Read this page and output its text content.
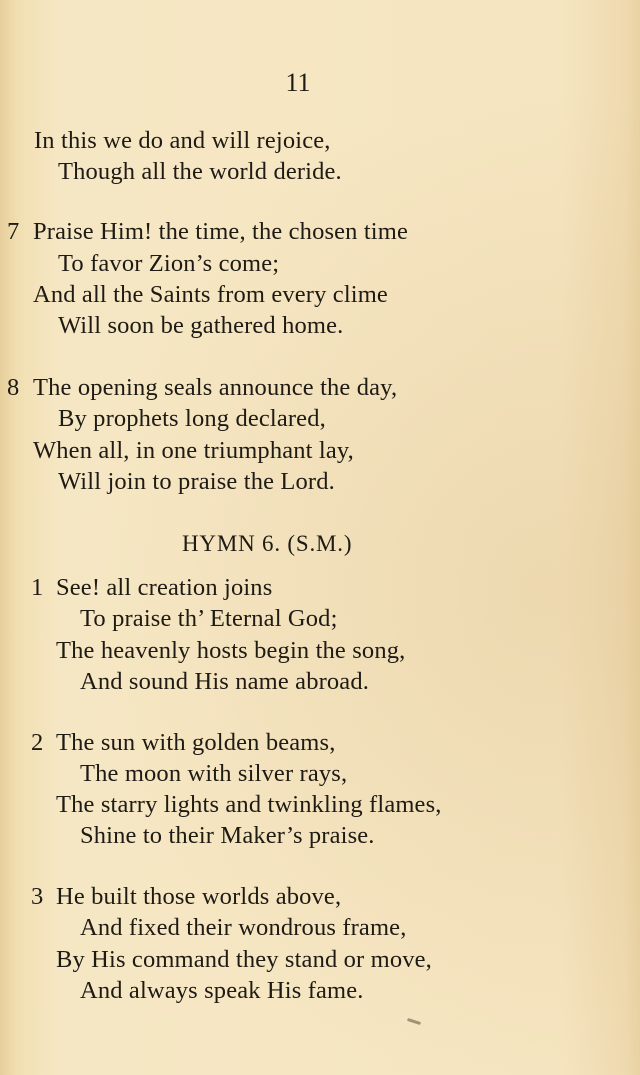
11
In this we do and will rejoice,
Though all the world deride.
7 Praise Him! the time, the chosen time
To favor Zion’s come;
And all the Saints from every clime
Will soon be gathered home.
8 The opening seals announce the day,
By prophets long declared,
When all, in one triumphant lay,
Will join to praise the Lord.
HYMN 6. (S.M.)
1 See! all creation joins
To praise th’ Eternal God;
The heavenly hosts begin the song,
And sound His name abroad.
2 The sun with golden beams,
The moon with silver rays,
The starry lights and twinkling flames,
Shine to their Maker’s praise.
3 He built those worlds above,
And fixed their wondrous frame,
By His command they stand or move,
And always speak His fame.
